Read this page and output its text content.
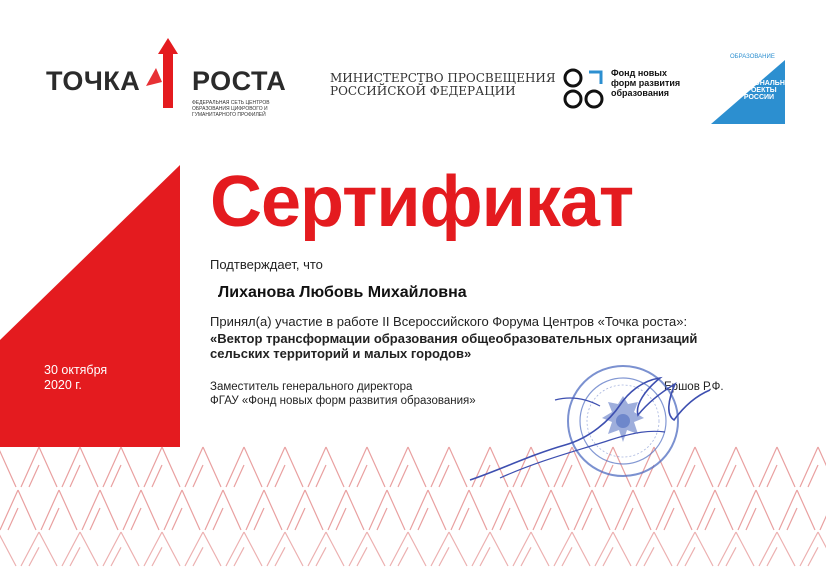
ТОЧКА РОСТА
ФЕДЕРАЛЬНАЯ СЕТЬ ЦЕНТРОВ ОБРАЗОВАНИЯ ЦИФРОВОГО И ГУМАНИТАРНОГО ПРОФИЛЕЙ
МИНИСТЕРСТВО ПРОСВЕЩЕНИЯ
РОССИЙСКОЙ ФЕДЕРАЦИИ
Фонд новых
форм развития
образования
ОБРАЗОВАНИЕ
НАЦИОНАЛЬНЫЕ
ПРОЕКТЫ
РОССИИ
Сертификат
Подтверждает, что
Лиханова Любовь Михайловна
Принял(а) участие в работе II Всероссийского Форума Центров «Точка роста»:
«Вектор трансформации образования общеобразовательных организаций
сельских территорий и малых городов»
30 октября
2020 г.	Заместитель генерального директора
ФГАУ «Фонд новых форм развития образования»
Ершов Р.Ф.
